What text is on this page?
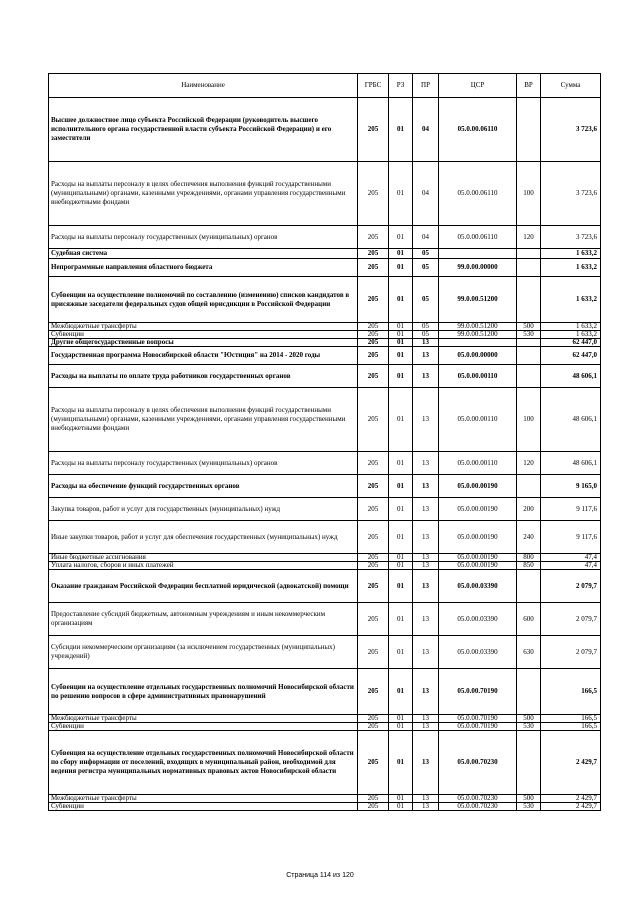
Наименование	ГРБС	РЗ	ПР	ЦСР	ВР	Сумма
Высшее должностное лицо субъекта Российской Федерации (руководитель высшего исполнительного органа государственной власти субъекта Российской Федерации) и его заместители	205	01	04	05.0.00.06110		3 723,6
Расходы на выплаты персоналу в целях обеспечения выполнения функций государственными (муниципальными) органами, казенными учреждениями, органами управления государственными внебюджетными фондами	205	01	04	05.0.00.06110	100	3 723,6
Расходы на выплаты персоналу государственных (муниципальных) органов	205	01	04	05.0.00.06110	120	3 723,6
Судебная система	205	01	05			1 633,2
Непрограммные направления областного бюджета	205	01	05	99.0.00.00000		1 633,2
Субвенции на осуществление полномочий по составлению (изменению) списков кандидатов в присяжные заседатели федеральных судов общей юрисдикции в Российской Федерации	205	01	05	99.0.00.51200		1 633,2
Межбюджетные трансферты	205	01	05	99.0.00.51200	500	1 633,2
Субвенции	205	01	05	99.0.00.51200	530	1 633,2
Другие общегосударственные вопросы	205	01	13			62 447,0
Государственная программа Новосибирской области "Юстиция" на 2014 - 2020 годы	205	01	13	05.0.00.00000		62 447,0
Расходы на выплаты по оплате труда работников государственных органов	205	01	13	05.0.00.00110		48 606,1
Расходы на выплаты персоналу в целях обеспечения выполнения функций государственными (муниципальными) органами, казенными учреждениями, органами управления государственными внебюджетными фондами	205	01	13	05.0.00.00110	100	48 606,1
Расходы на выплаты персоналу государственных (муниципальных) органов	205	01	13	05.0.00.00110	120	48 606,1
Расходы на обеспечение функций государственных органов	205	01	13	05.0.00.00190		9 165,0
Закупка товаров, работ и услуг для государственных (муниципальных) нужд	205	01	13	05.0.00.00190	200	9 117,6
Иные закупки товаров, работ и услуг для обеспечения государственных (муниципальных) нужд	205	01	13	05.0.00.00190	240	9 117,6
Иные бюджетные ассигнования	205	01	13	05.0.00.00190	800	47,4
Уплата налогов, сборов и иных платежей	205	01	13	05.0.00.00190	850	47,4
Оказание гражданам Российской Федерации бесплатной юридической (адвокатской) помощи	205	01	13	05.0.00.03390		2 079,7
Предоставление субсидий бюджетным, автономным учреждениям и иным некоммерческим организациям	205	01	13	05.0.00.03390	600	2 079,7
Субсидии некоммерческим организациям (за исключением государственных (муниципальных) учреждений)	205	01	13	05.0.00.03390	630	2 079,7
Субвенции на осуществление отдельных государственных полномочий Новосибирской области по решению вопросов в сфере административных правонарушений	205	01	13	05.0.00.70190		166,5
Межбюджетные трансферты	205	01	13	05.0.00.70190	500	166,5
Субвенции	205	01	13	05.0.00.70190	530	166,5
Субвенция на осуществление отдельных государственных полномочий Новосибирской области по сбору информации от поселений, входящих в муниципальный район, необходимой для ведения регистра муниципальных нормативных правовых актов Новосибирской области	205	01	13	05.0.00.70230		2 429,7
Межбюджетные трансферты	205	01	13	05.0.00.70230	500	2 429,7
Субвенции	205	01	13	05.0.00.70230	530	2 429,7
Страница 114 из 120
